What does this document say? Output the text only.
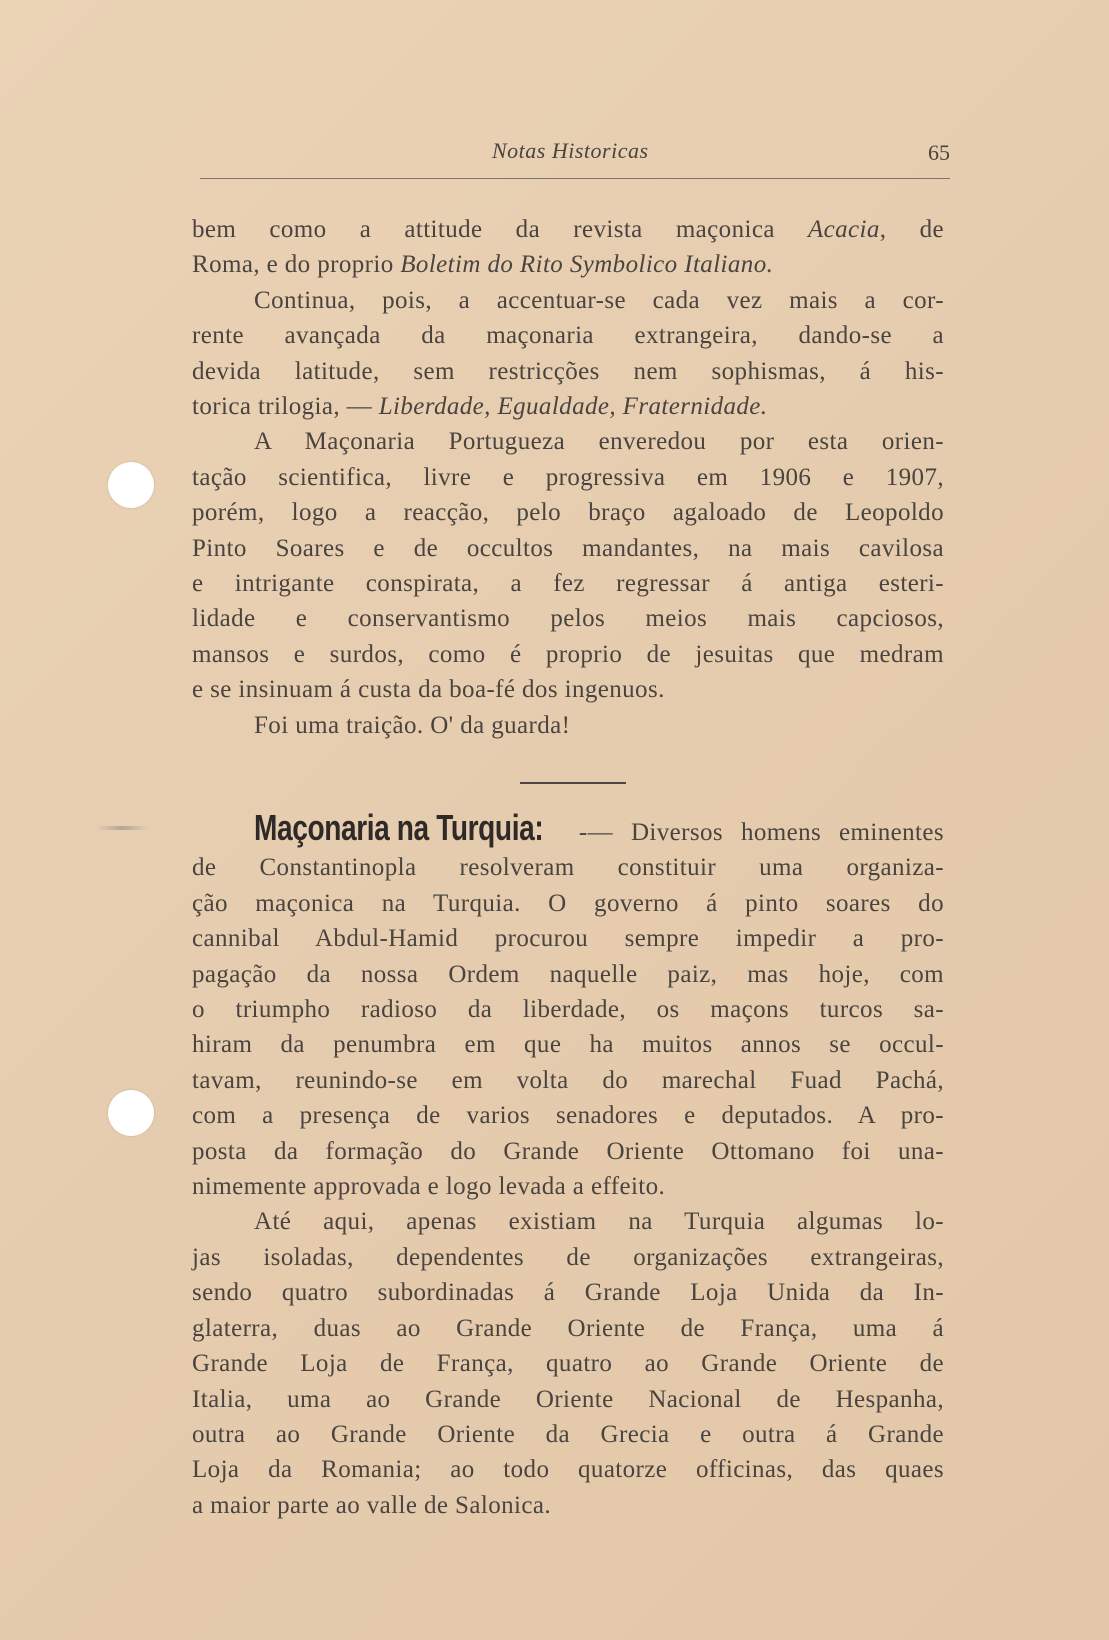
Notas Historicas	65
bem como a attitude da revista maçonica Acacia, de
Roma, e do proprio Boletim do Rito Symbolico Italiano.
Continua, pois, a accentuar-se cada vez mais a cor-
rente avançada da maçonaria extrangeira, dando-se a
devida latitude, sem restricções nem sophismas, á his-
torica trilogia, — Liberdade, Egualdade, Fraternidade.
A Maçonaria Portugueza enveredou por esta orien-
tação scientifica, livre e progressiva em 1906 e 1907,
porém, logo a reacção, pelo braço agaloado de Leopoldo
Pinto Soares e de occultos mandantes, na mais cavilosa
e intrigante conspirata, a fez regressar á antiga esteri-
lidade e conservantismo pelos meios mais capciosos,
mansos e surdos, como é proprio de jesuitas que medram
e se insinuam á custa da boa-fé dos ingenuos.
Foi uma traição. O' da guarda!
Maçonaria na Turquia: -— Diversos homens eminentes
de Constantinopla resolveram constituir uma organiza-
ção maçonica na Turquia. O governo á pinto soares do
cannibal Abdul-Hamid procurou sempre impedir a pro-
pagação da nossa Ordem naquelle paiz, mas hoje, com
o triumpho radioso da liberdade, os maçons turcos sa-
hiram da penumbra em que ha muitos annos se occul-
tavam, reunindo-se em volta do marechal Fuad Pachá,
com a presença de varios senadores e deputados. A pro-
posta da formação do Grande Oriente Ottomano foi una-
nimemente approvada e logo levada a effeito.
Até aqui, apenas existiam na Turquia algumas lo-
jas isoladas, dependentes de organizações extrangeiras,
sendo quatro subordinadas á Grande Loja Unida da In-
glaterra, duas ao Grande Oriente de França, uma á
Grande Loja de França, quatro ao Grande Oriente de
Italia, uma ao Grande Oriente Nacional de Hespanha,
outra ao Grande Oriente da Grecia e outra á Grande
Loja da Romania; ao todo quatorze officinas, das quaes
a maior parte ao valle de Salonica.
